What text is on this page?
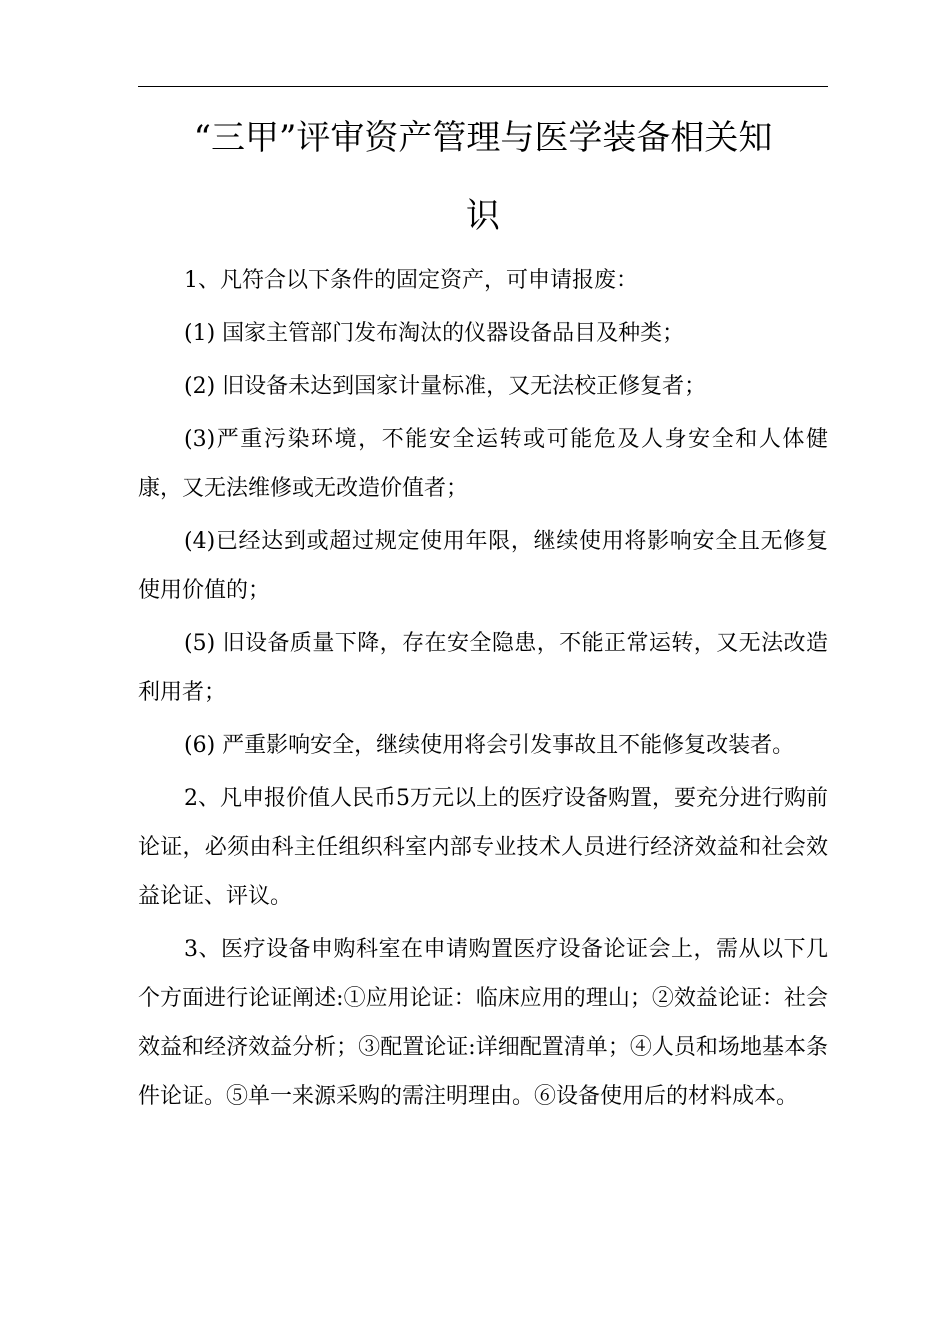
“三甲”评审资产管理与医学装备相关知
识

1、凡符合以下条件的固定资产，可申请报废：

(1) 国家主管部门发布淘汰的仪器设备品目及种类；

(2) 旧设备未达到国家计量标准，又无法校正修复者；

(3)严重污染环境，不能安全运转或可能危及人身安全和人体健康，又无法维修或无改造价值者；

(4)已经达到或超过规定使用年限，继续使用将影响安全且无修复使用价值的；

(5) 旧设备质量下降，存在安全隐患，不能正常运转，又无法改造利用者；

(6) 严重影响安全，继续使用将会引发事故且不能修复改装者。

2、凡申报价值人民币5万元以上的医疗设备购置，要充分进行购前论证，必须由科主任组织科室内部专业技术人员进行经济效益和社会效益论证、评议。

3、医疗设备申购科室在申请购置医疗设备论证会上，需从以下几个方面进行论证阐述:①应用论证：临床应用的理山；②效益论证：社会效益和经济效益分析；③配置论证:详细配置清单；④人员和场地基本条件论证。⑤单一来源采购的需注明理由。⑥设备使用后的材料成本。
